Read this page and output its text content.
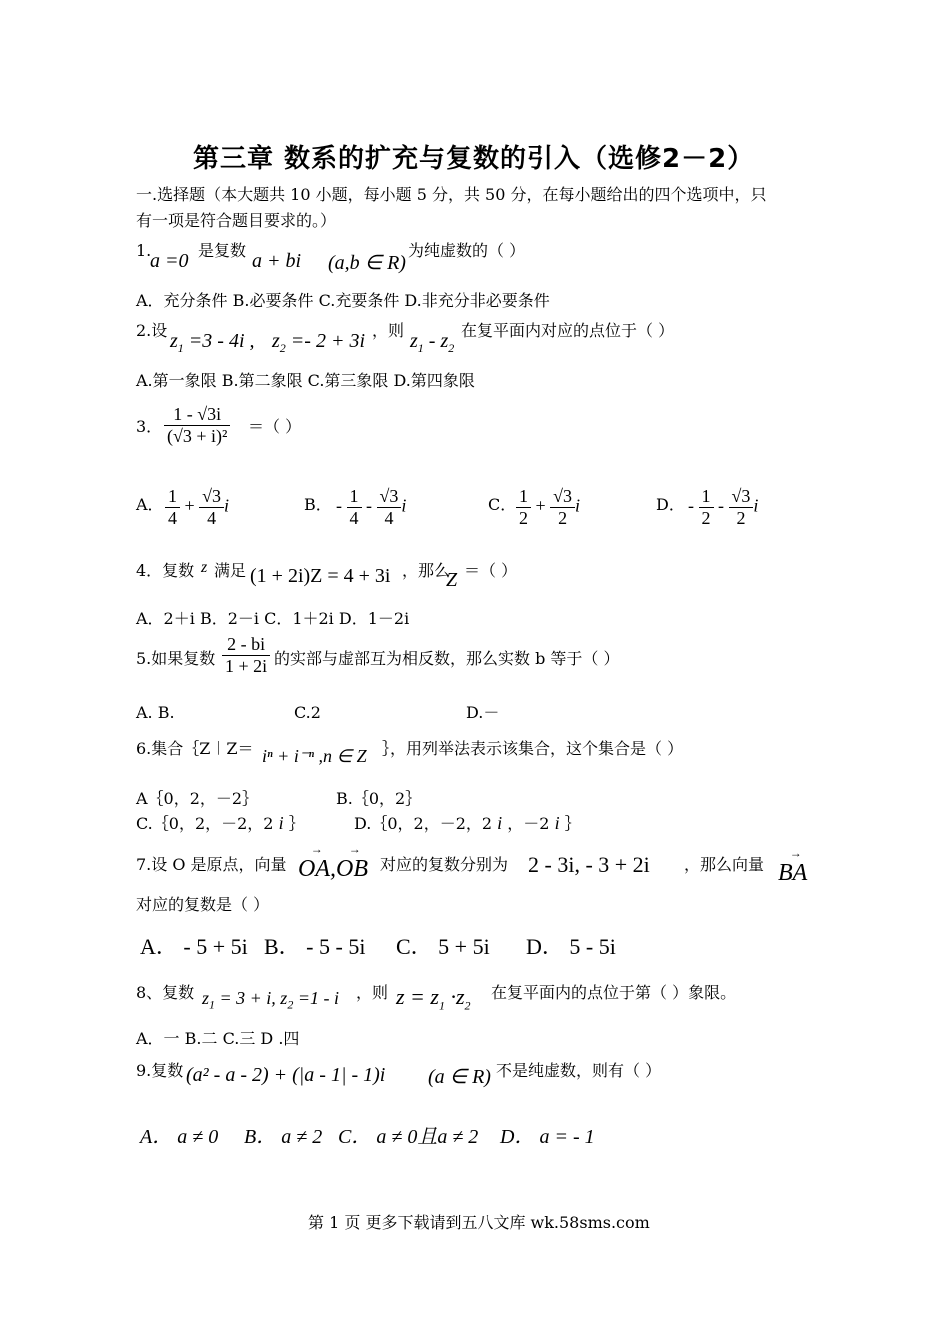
第三章 数系的扩充与复数的引入（选修2－2）
一.选择题（本大题共 10 小题，每小题 5 分，共 50 分，在每小题给出的四个选项中，只
有一项是符合题目要求的。）
1.
a =0 是复数 a + bi (a,b ∈ R)
为纯虚数的（ ）
A．充分条件 B.必要条件 C.充要条件 D.非充分非必要条件
2.设 $z_1 =3 - 4i$ , $z_2 =- 2 + 3i$ ，则 $z_1 - z_2$
在复平面内对应的点位于（ ）
A.第一象限 B.第二象限 C.第三象限 D.第四象限
3． $\frac{1 - √3i}{\text{(√3 + i)²}}$ ＝（ ）
A． $\frac{1}{4} + \frac{√3}{4}$ i	B． - $\frac{1}{4} - \frac{√3}{4}$ i	C． $\frac{1}{2} + \frac{√3}{2}$ i	D． - $\frac{1}{2} - \frac{√3}{2}$ i
4．复数 z 满足 (1 + 2i)Z = 4 + 3i ，那么
Z ＝（ ）
A．2＋i B．2－i C．1＋2i D．1－2i
5.如果复数 $\frac{2 - bi}{1 + 2i}$ 的实部与虚部互为相反数，那么实数 b 等于（ ）
A. B.	C.2	D.－
6.集合｛Z︱Z＝ iⁿ + i⁻ⁿ ,n ∈ Z ｝，用列举法表示该集合，这个集合是（ ）
A｛0，2，－2｝	B.｛0，2｝
C.｛0，2，－2，2 i ｝	D.｛0，2，－2，2 i ，－2 i ｝
7.设 O 是原点，向量 → OA,→ OB 对应的复数分别为 2 - 3i, - 3 + 2i ，那么向量 → BA
对应的复数是（ ）
A． - 5 + 5i B． - 5 - 5i C． 5 + 5i D． 5 - 5i
8、复数 $z_1 = 3 + i$, $z_2 =1 - i$ ，则 $z = z_1 \cdot z_2$
在复平面内的点位于第（ ）象限。
A．一 B.二 C.三 D .四
9.复数 (a² - a - 2) + (|a - 1| - 1)i (a ∈ R) 不是纯虚数，则有（ ）
A． a ≠ 0 B． a ≠ 2 C． a ≠ 0且a ≠ 2 D． a = - 1
第 1 页 更多下载请到五八文库 wk.58sms.com
